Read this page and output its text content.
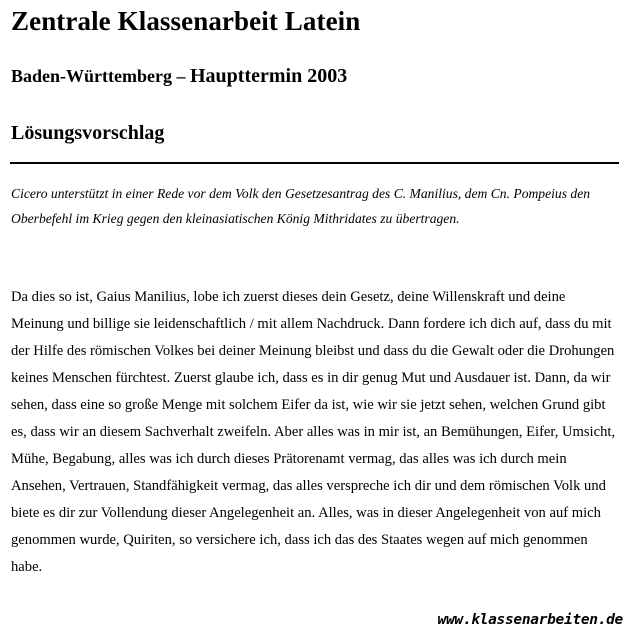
Zentrale Klassenarbeit Latein
Baden-Württemberg – Haupttermin 2003
Lösungsvorschlag

Cicero unterstützt in einer Rede vor dem Volk den Gesetzesantrag des C. Manilius, dem Cn. Pompeius den Oberbefehl im Krieg gegen den kleinasiatischen König Mithridates zu übertragen.

Da dies so ist, Gaius Manilius, lobe ich zuerst dieses dein Gesetz, deine Willenskraft und deine Meinung und billige sie leidenschaftlich / mit allem Nachdruck. Dann fordere ich dich auf, dass du mit der Hilfe des römischen Volkes bei deiner Meinung bleibst und dass du die Gewalt oder die Drohungen keines Menschen fürchtest. Zuerst glaube ich, dass es in dir genug Mut und Ausdauer ist. Dann, da wir sehen, dass eine so große Menge mit solchem Eifer da ist, wie wir sie jetzt sehen, welchen Grund gibt es, dass wir an diesem Sachverhalt zweifeln. Aber alles was in mir ist, an Bemühungen, Eifer, Umsicht, Mühe, Begabung, alles was ich durch dieses Prätorenamt vermag, das alles was ich durch mein Ansehen, Vertrauen, Standfähigkeit vermag, das alles verspreche ich dir und dem römischen Volk und biete es dir zur Vollendung dieser Angelegenheit an. Alles, was in dieser Angelegenheit von auf mich genommen wurde, Quiriten, so versichere ich, dass ich das des Staates wegen auf mich genommen habe.

www.klassenarbeiten.de
